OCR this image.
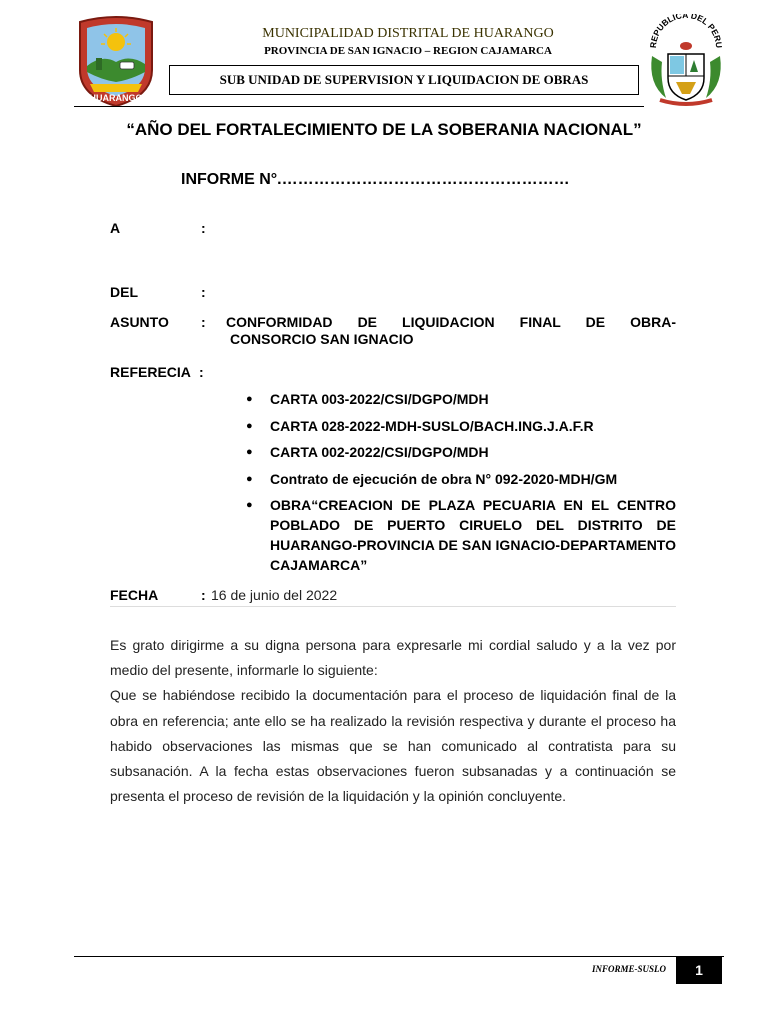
HUARANGO
REPUBLICA DEL PERU
MUNICIPALIDAD DISTRITAL DE HUARANGO
PROVINCIA DE SAN IGNACIO – REGION CAJAMARCA
SUB UNIDAD DE SUPERVISION Y LIQUIDACION DE OBRAS
“AÑO DEL FORTALECIMIENTO DE LA SOBERANIA NACIONAL”
INFORME N°.………………………………………………
A	:
DEL	:
ASUNTO : CONFORMIDAD DE LIQUIDACION FINAL DE OBRA-
CONSORCIO SAN IGNACIO
REFERECIA :
● CARTA 003-2022/CSI/DGPO/MDH
● CARTA 028-2022-MDH-SUSLO/BACH.ING.J.A.F.R
● CARTA 002-2022/CSI/DGPO/MDH
● Contrato de ejecución de obra N° 092-2020-MDH/GM
● OBRA“CREACION DE PLAZA PECUARIA EN EL CENTRO POBLADO DE PUERTO CIRUELO DEL DISTRITO DE HUARANGO-PROVINCIA DE SAN IGNACIO-DEPARTAMENTO CAJAMARCA”
FECHA	: 16 de junio del 2022

Es grato dirigirme a su digna persona para expresarle mi cordial saludo y a la vez por medio del presente, informarle lo siguiente:

Que se habiéndose recibido la documentación para el proceso de liquidación final de la obra en referencia; ante ello se ha realizado la revisión respectiva y durante el proceso ha habido observaciones las mismas que se han comunicado al contratista para su subsanación. A la fecha estas observaciones fueron subsanadas y a continuación se presenta el proceso de revisión de la liquidación y la opinión concluyente.

INFORME-SUSLO 1
